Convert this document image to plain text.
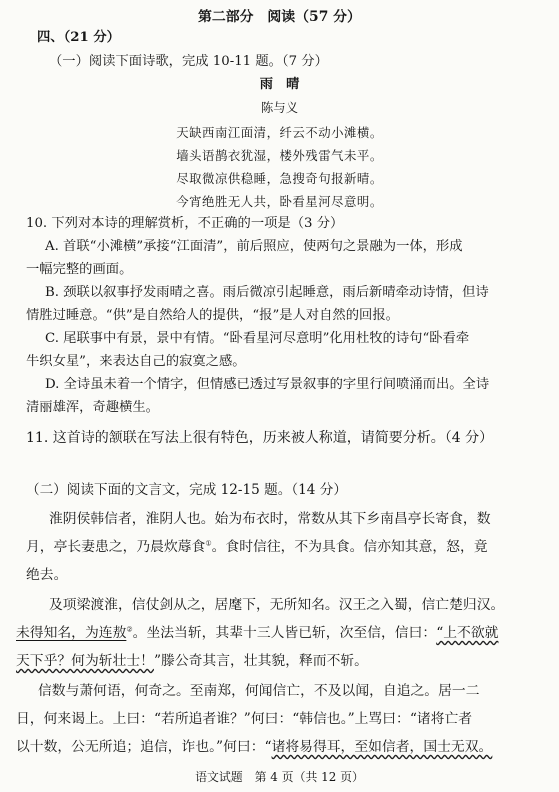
第二部分　阅读（57 分）
四、（21 分）
（一）阅读下面诗歌，完成 10-11 题。（7 分）
雨　晴
陈与义
天缺西南江面清，纤云不动小滩横。
墙头语鹊衣犹湿，楼外残雷气未平。
尽取微凉供稳睡，急搜奇句报新晴。
今宵绝胜无人共，卧看星河尽意明。
10. 下列对本诗的理解赏析，不正确的一项是（3 分）
A. 首联“小滩横”承接“江面清”，前后照应，使两句之景融为一体，形成
一幅完整的画面。
B. 颈联以叙事抒发雨晴之喜。雨后微凉引起睡意，雨后新晴牵动诗情，但诗
情胜过睡意。“供”是自然给人的提供，“报”是人对自然的回报。
C. 尾联事中有景，景中有情。“卧看星河尽意明”化用杜牧的诗句“卧看牵
牛织女星”，来表达自己的寂寞之感。
D. 全诗虽未着一个情字，但情感已透过写景叙事的字里行间喷涌而出。全诗
清丽雄浑，奇趣横生。
11. 这首诗的颔联在写法上很有特色，历来被人称道，请简要分析。（4 分）
（二）阅读下面的文言文，完成 12-15 题。（14 分）
淮阴侯韩信者，淮阴人也。始为布衣时，常数从其下乡南昌亭长寄食，数
月，亭长妻患之，乃晨炊蓐食①。食时信往，不为具食。信亦知其意，怒，竟
绝去。
及项梁渡淮，信仗剑从之，居麾下，无所知名。汉王之入蜀，信亡楚归汉。
未得知名，为连敖②。坐法当斩，其辈十三人皆已斩，次至信，信曰：“上不欲就
天下乎？何为斩壮士！”滕公奇其言，壮其貌，释而不斩。
信数与萧何语，何奇之。至南郑，何闻信亡，不及以闻，自追之。居一二
日，何来谒上。上曰：“若所追者谁？”何曰：“韩信也。”上骂曰：“诸将亡者
以十数，公无所追；追信，诈也。”何曰：“诸将易得耳，至如信者，国士无双。
语文试题　第 4 页（共 12 页）
